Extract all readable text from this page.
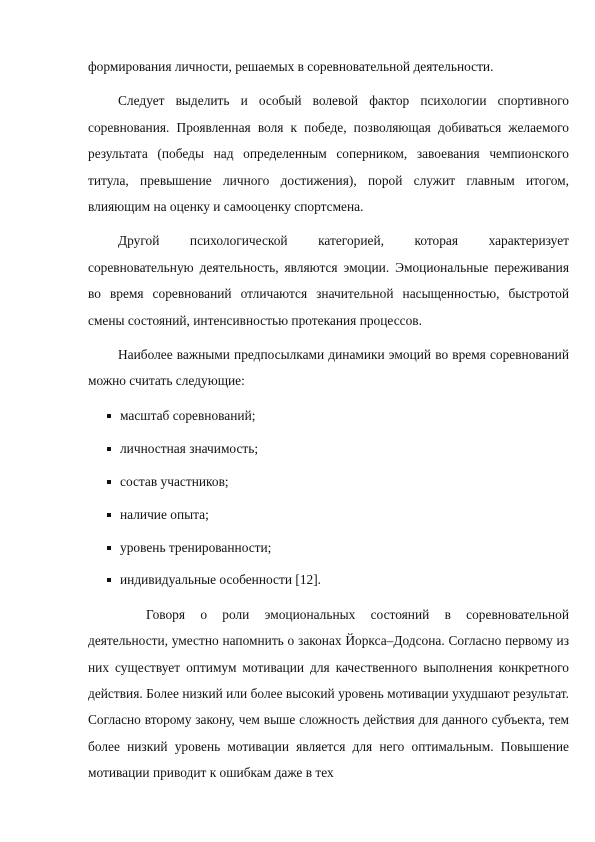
формирования личности, решаемых в соревновательной деятельности.

Следует выделить и особый волевой фактор психологии спортивного соревнования. Проявленная воля к победе, позволяющая добиваться желаемого результата (победы над определенным соперником, завоевания чемпионского титула, превышение личного достижения), порой служит главным итогом, влияющим на оценку и самооценку спортсмена.

Другой психологической категорией, которая характеризует соревновательную деятельность, являются эмоции. Эмоциональные переживания во время соревнований отличаются значительной насыщенностью, быстротой смены состояний, интенсивностью протекания процессов.

Наиболее важными предпосылками динамики эмоций во время соревнований можно считать следующие:

масштаб соревнований;
личностная значимость;
состав участников;
наличие опыта;
уровень тренированности;
индивидуальные особенности [12].

Говоря о роли эмоциональных состояний в соревновательной деятельности, уместно напомнить о законах Йоркса–Додсона. Согласно первому из них существует оптимум мотивации для качественного выполнения конкретного действия. Более низкий или более высокий уровень мотивации ухудшают результат. Согласно второму закону, чем выше сложность действия для данного субъекта, тем более низкий уровень мотивации является для него оптимальным. Повышение мотивации приводит к ошибкам даже в тех
